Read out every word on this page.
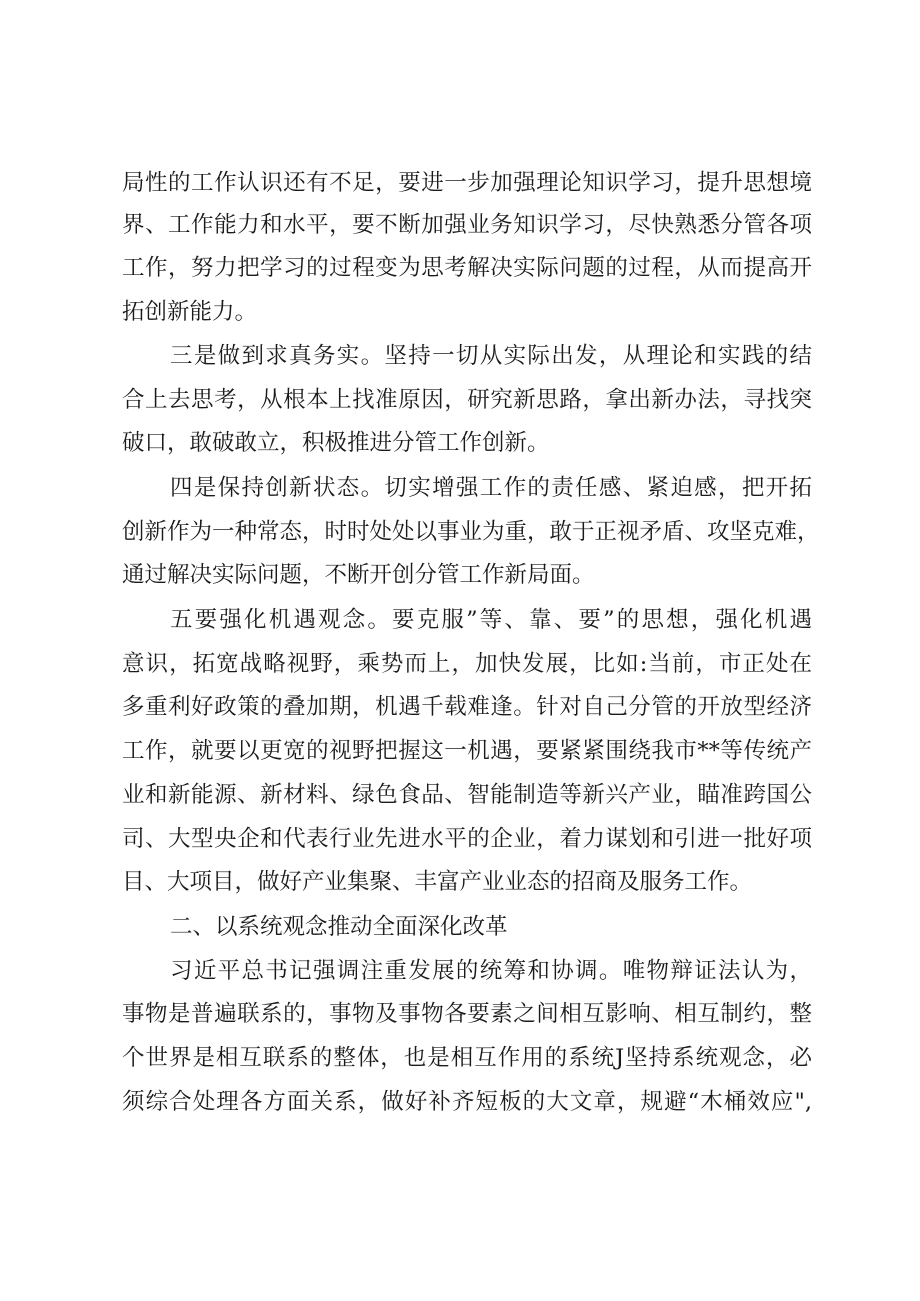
局性的工作认识还有不足，要进一步加强理论知识学习，提升思想境
界、工作能力和水平，要不断加强业务知识学习，尽快熟悉分管各项
工作，努力把学习的过程变为思考解决实际问题的过程，从而提高开
拓创新能力。
三是做到求真务实。坚持一切从实际出发，从理论和实践的结
合上去思考，从根本上找准原因，研究新思路，拿出新办法，寻找突
破口，敢破敢立，积极推进分管工作创新。
四是保持创新状态。切实增强工作的责任感、紧迫感，把开拓
创新作为一种常态，时时处处以事业为重，敢于正视矛盾、攻坚克难，
通过解决实际问题，不断开创分管工作新局面。
五要强化机遇观念。要克服”等、靠、要”的思想，强化机遇
意识，拓宽战略视野，乘势而上，加快发展，比如:当前，市正处在
多重利好政策的叠加期，机遇千载难逢。针对自己分管的开放型经济
工作，就要以更宽的视野把握这一机遇，要紧紧围绕我市**等传统产
业和新能源、新材料、绿色食品、智能制造等新兴产业，瞄准跨国公
司、大型央企和代表行业先进水平的企业，着力谋划和引进一批好项
目、大项目，做好产业集聚、丰富产业业态的招商及服务工作。
二、以系统观念推动全面深化改革
习近平总书记强调注重发展的统筹和协调。唯物辩证法认为，
事物是普遍联系的，事物及事物各要素之间相互影响、相互制约，整
个世界是相互联系的整体，也是相互作用的系统J坚持系统观念，必
须综合处理各方面关系，做好补齐短板的大文章，规避“木桶效应",
